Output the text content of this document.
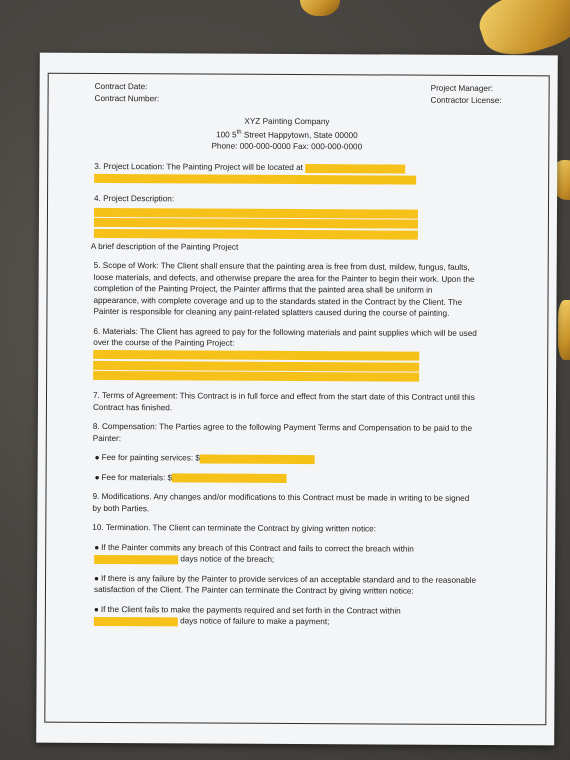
Contract Date:
Contract Number:
Project Manager:
Contractor License:
XYZ Painting Company
100 5th Street Happytown, State 00000
Phone: 000-000-0000 Fax: 000-000-0000
3. Project Location: The Painting Project will be located at

4. Project Description:

A brief description of the Painting Project

5. Scope of Work: The Client shall ensure that the painting area is free from dust, mildew, fungus, faults, loose materials, and defects, and otherwise prepare the area for the Painter to begin their work. Upon the completion of the Painting Project, the Painter affirms that the painted area shall be uniform in appearance, with complete coverage and up to the standards stated in the Contract by the Client. The Painter is responsible for cleaning any paint-related splatters caused during the course of painting.

6. Materials: The Client has agreed to pay for the following materials and paint supplies which will be used over the course of the Painting Project:

7. Terms of Agreement: This Contract is in full force and effect from the start date of this Contract until this Contract has finished.

8. Compensation: The Parties agree to the following Payment Terms and Compensation to be paid to the Painter:

● Fee for painting services: $
● Fee for materials: $

9. Modifications. Any changes and/or modifications to this Contract must be made in writing to be signed by both Parties.

10. Termination. The Client can terminate the Contract by giving written notice:

● If the Painter commits any breach of this Contract and fails to correct the breach within
days notice of the breach;
● If there is any failure by the Painter to provide services of an acceptable standard and to the reasonable satisfaction of the Client. The Painter can terminate the Contract by giving written notice:
● If the Client fails to make the payments required and set forth in the Contract within
days notice of failure to make a payment;
